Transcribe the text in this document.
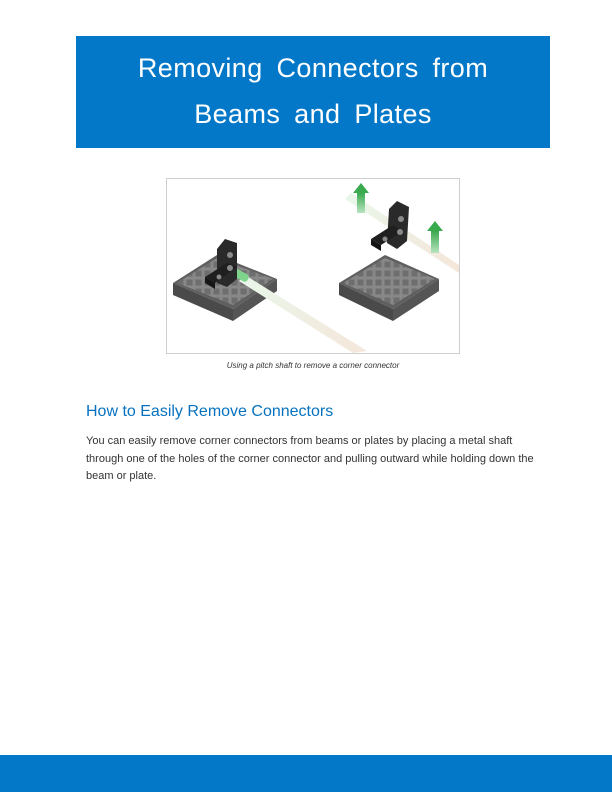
Removing Connectors from
Beams and Plates
Using a pitch shaft to remove a corner connector
How to Easily Remove Connectors

You can easily remove corner connectors from beams or plates by placing a metal shaft through one of the holes of the corner connector and pulling outward while holding down the beam or plate.
